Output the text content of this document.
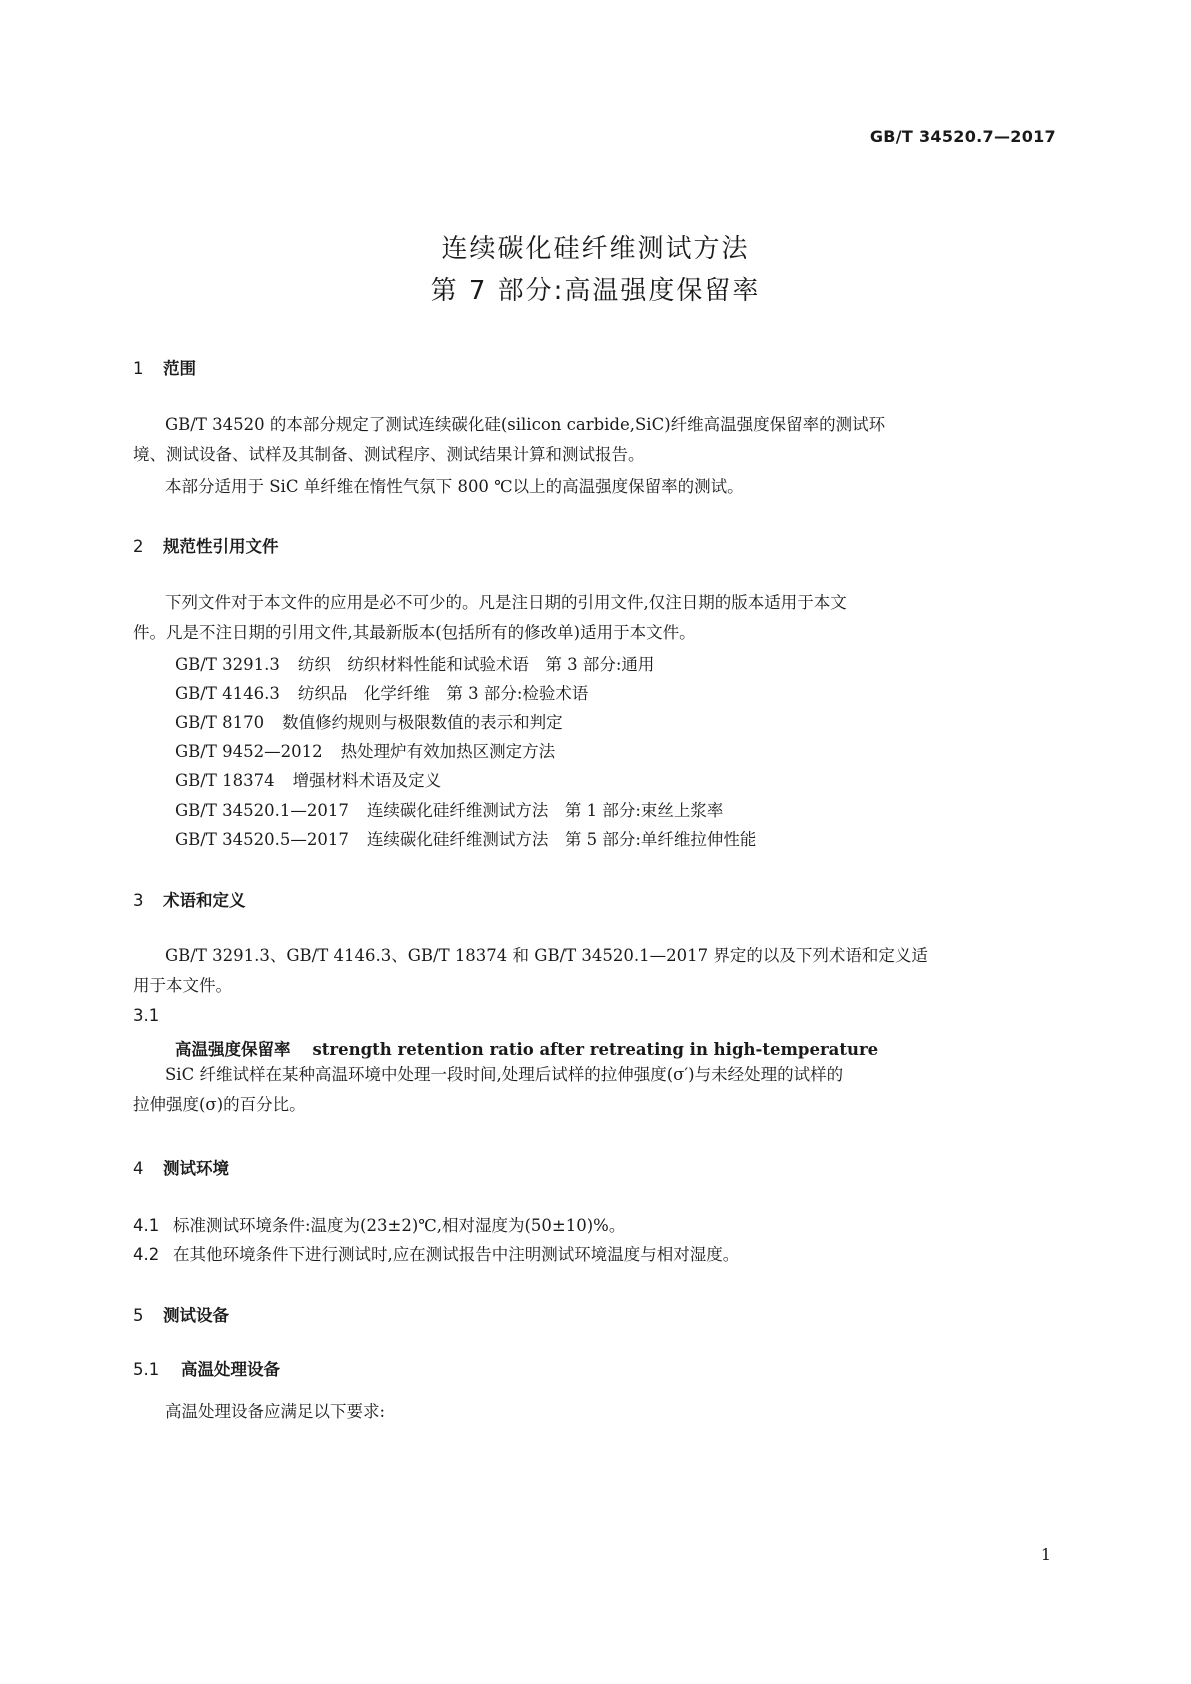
GB/T 34520.7—2017
连续碳化硅纤维测试方法
第 7 部分:高温强度保留率
1 范围
GB/T 34520 的本部分规定了测试连续碳化硅(silicon carbide,SiC)纤维高温强度保留率的测试环
境、测试设备、试样及其制备、测试程序、测试结果计算和测试报告。
本部分适用于 SiC 单纤维在惰性气氛下 800 ℃以上的高温强度保留率的测试。
2 规范性引用文件
下列文件对于本文件的应用是必不可少的。凡是注日期的引用文件,仅注日期的版本适用于本文
件。凡是不注日期的引用文件,其最新版本(包括所有的修改单)适用于本文件。
GB/T 3291.3 纺织　纺织材料性能和试验术语　第 3 部分:通用
GB/T 4146.3 纺织品　化学纤维　第 3 部分:检验术语
GB/T 8170 数值修约规则与极限数值的表示和判定
GB/T 9452—2012 热处理炉有效加热区测定方法
GB/T 18374 增强材料术语及定义
GB/T 34520.1—2017 连续碳化硅纤维测试方法　第 1 部分:束丝上浆率
GB/T 34520.5—2017 连续碳化硅纤维测试方法　第 5 部分:单纤维拉伸性能
3 术语和定义
GB/T 3291.3、GB/T 4146.3、GB/T 18374 和 GB/T 34520.1—2017 界定的以及下列术语和定义适
用于本文件。
3.1
高温强度保留率 strength retention ratio after retreating in high-temperature
SiC 纤维试样在某种高温环境中处理一段时间,处理后试样的拉伸强度(σ′)与未经处理的试样的
拉伸强度(σ)的百分比。
4 测试环境
4.1 标准测试环境条件:温度为(23±2)℃,相对湿度为(50±10)%。
4.2 在其他环境条件下进行测试时,应在测试报告中注明测试环境温度与相对湿度。
5 测试设备
5.1 高温处理设备
高温处理设备应满足以下要求:
1
